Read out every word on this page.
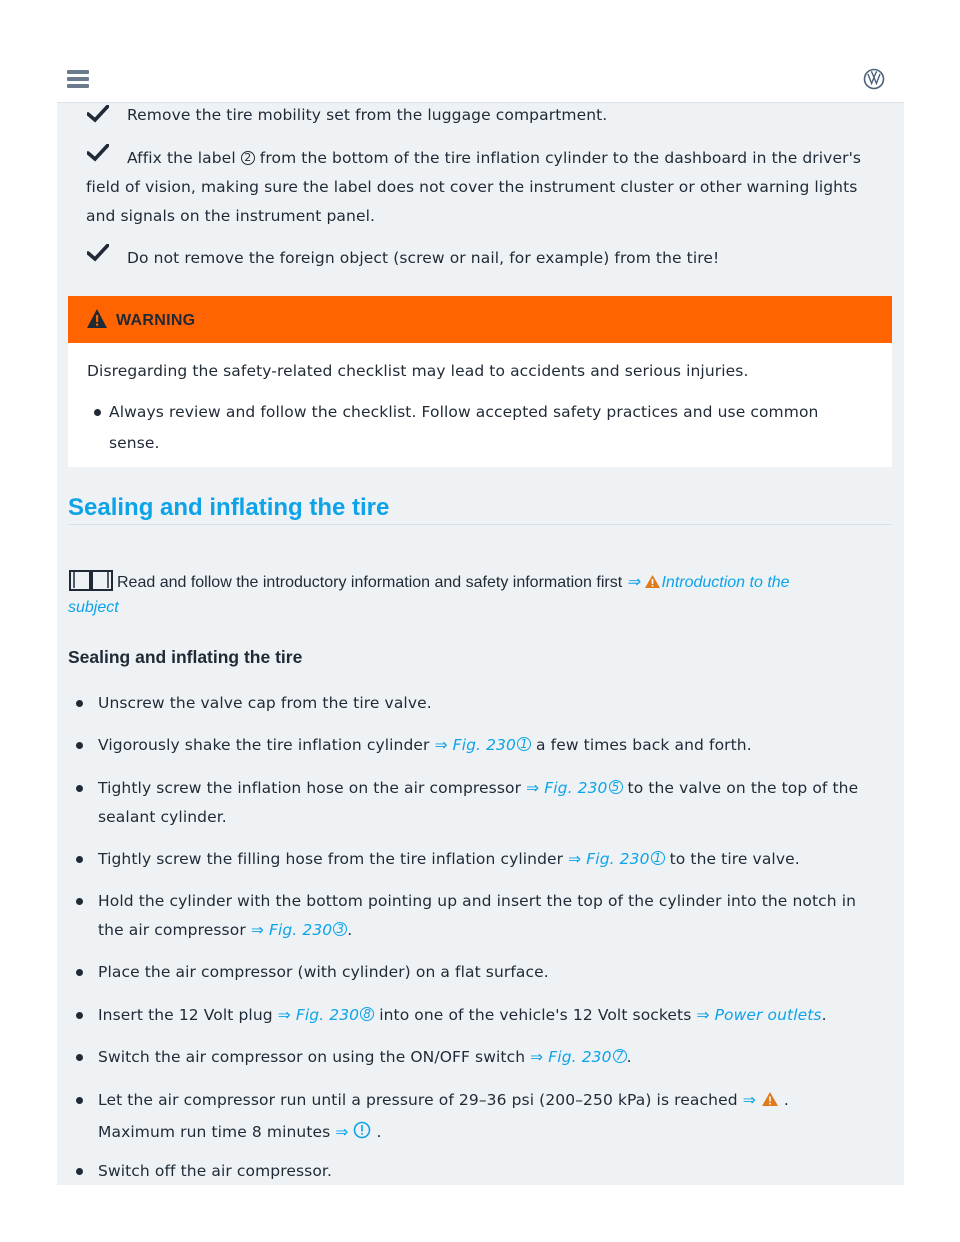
Remove the tire mobility set from the luggage compartment.
Affix the label 2 from the bottom of the tire inflation cylinder to the dashboard in the driver's
field of vision, making sure the label does not cover the instrument cluster or other warning lights
and signals on the instrument panel.
Do not remove the foreign object (screw or nail, for example) from the tire!
WARNING
Disregarding the safety-related checklist may lead to accidents and serious injuries.
Always review and follow the checklist. Follow accepted safety practices and use common
sense.
Sealing and inflating the tire
Read and follow the introductory information and safety information first ⇒ Introduction to the
subject
Sealing and inflating the tire
Unscrew the valve cap from the tire valve.
Vigorously shake the tire inflation cylinder ⇒ Fig. 230 1 a few times back and forth.
Tightly screw the inflation hose on the air compressor ⇒ Fig. 230 5 to the valve on the top of the
sealant cylinder.
Tightly screw the filling hose from the tire inflation cylinder ⇒ Fig. 230 1 to the tire valve.
Hold the cylinder with the bottom pointing up and insert the top of the cylinder into the notch in
the air compressor ⇒ Fig. 230 3 .
Place the air compressor (with cylinder) on a flat surface.
Insert the 12 Volt plug ⇒ Fig. 230 8 into one of the vehicle's 12 Volt sockets ⇒ Power outlets.
Switch the air compressor on using the ON/OFF switch ⇒ Fig. 230 7 .
Let the air compressor run until a pressure of 29–36 psi (200–250 kPa) is reached ⇒ .
Maximum run time 8 minutes ⇒ .
Switch off the air compressor.
